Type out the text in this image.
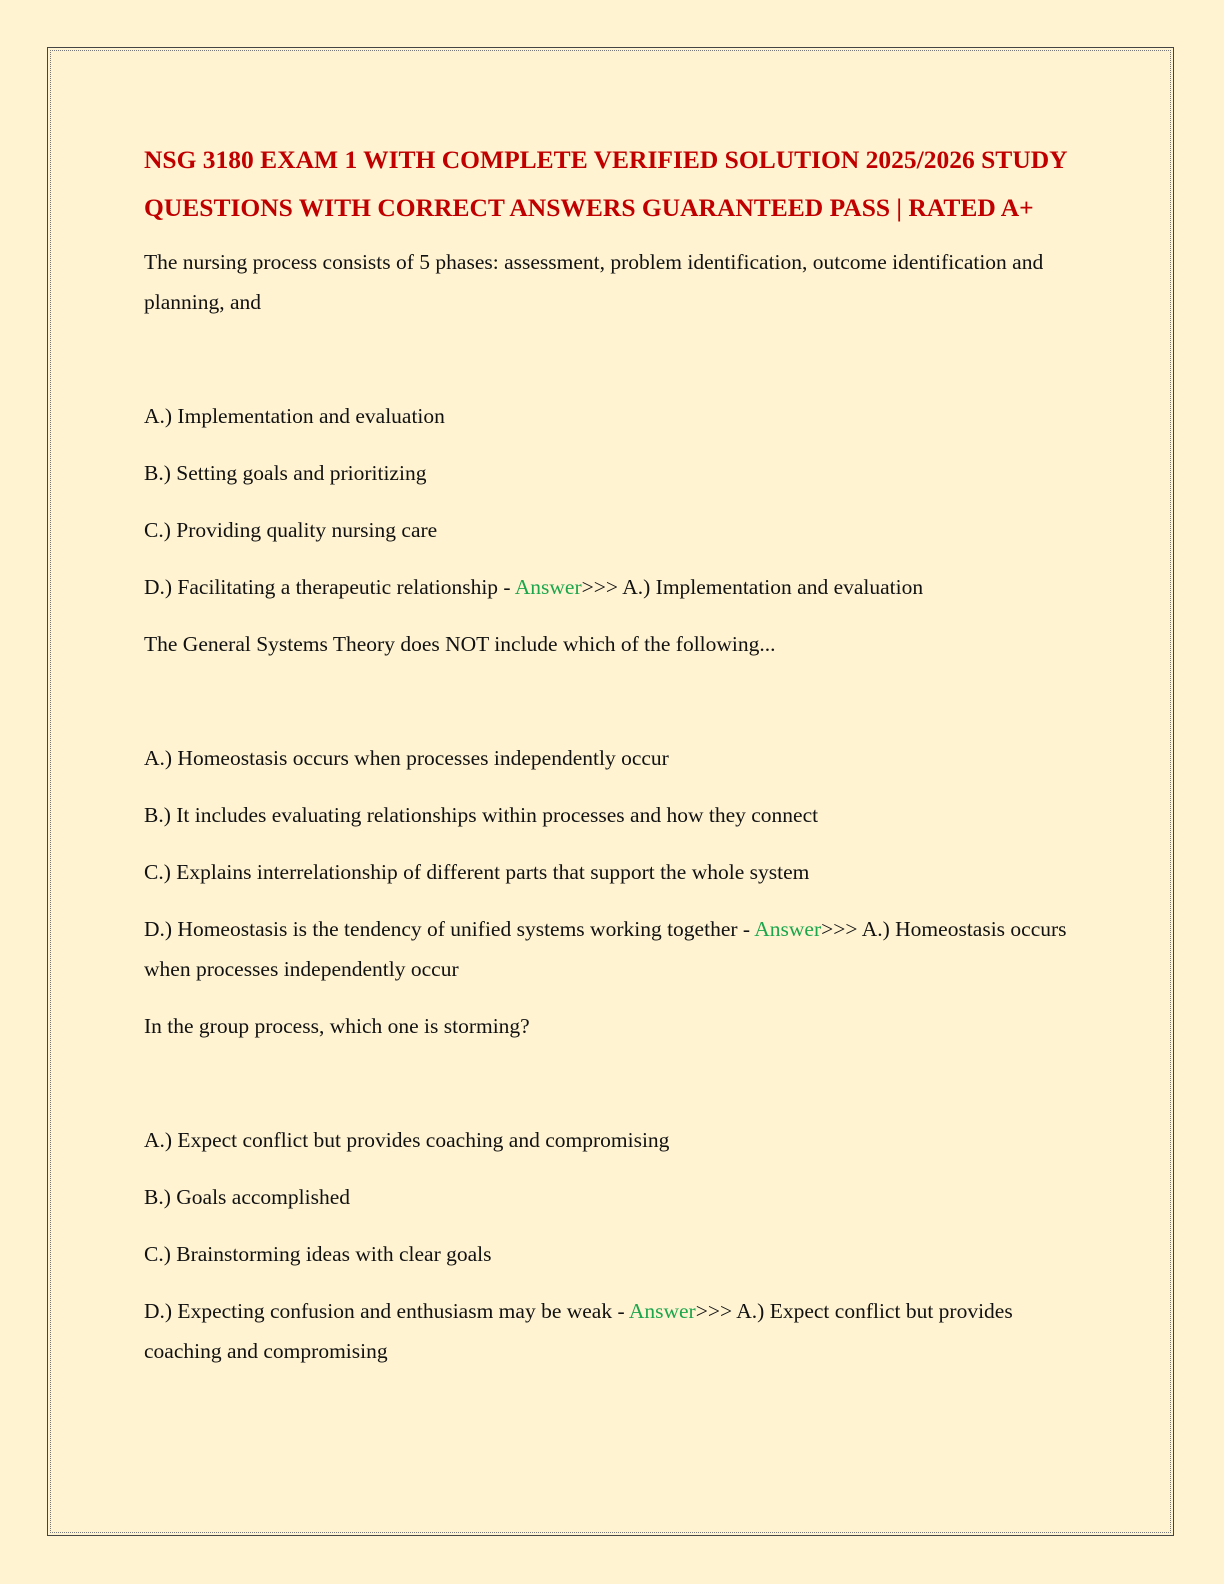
NSG 3180 EXAM 1 WITH COMPLETE VERIFIED SOLUTION 2025/2026 STUDY QUESTIONS WITH CORRECT ANSWERS GUARANTEED PASS | RATED A+

The nursing process consists of 5 phases: assessment, problem identification, outcome identification and planning, and

A.) Implementation and evaluation

B.) Setting goals and prioritizing

C.) Providing quality nursing care

D.) Facilitating a therapeutic relationship - Answer>>> A.) Implementation and evaluation

The General Systems Theory does NOT include which of the following...

A.) Homeostasis occurs when processes independently occur

B.) It includes evaluating relationships within processes and how they connect

C.) Explains interrelationship of different parts that support the whole system

D.) Homeostasis is the tendency of unified systems working together - Answer>>> A.) Homeostasis occurs when processes independently occur

In the group process, which one is storming?

A.) Expect conflict but provides coaching and compromising

B.) Goals accomplished

C.) Brainstorming ideas with clear goals

D.) Expecting confusion and enthusiasm may be weak - Answer>>> A.) Expect conflict but provides coaching and compromising
